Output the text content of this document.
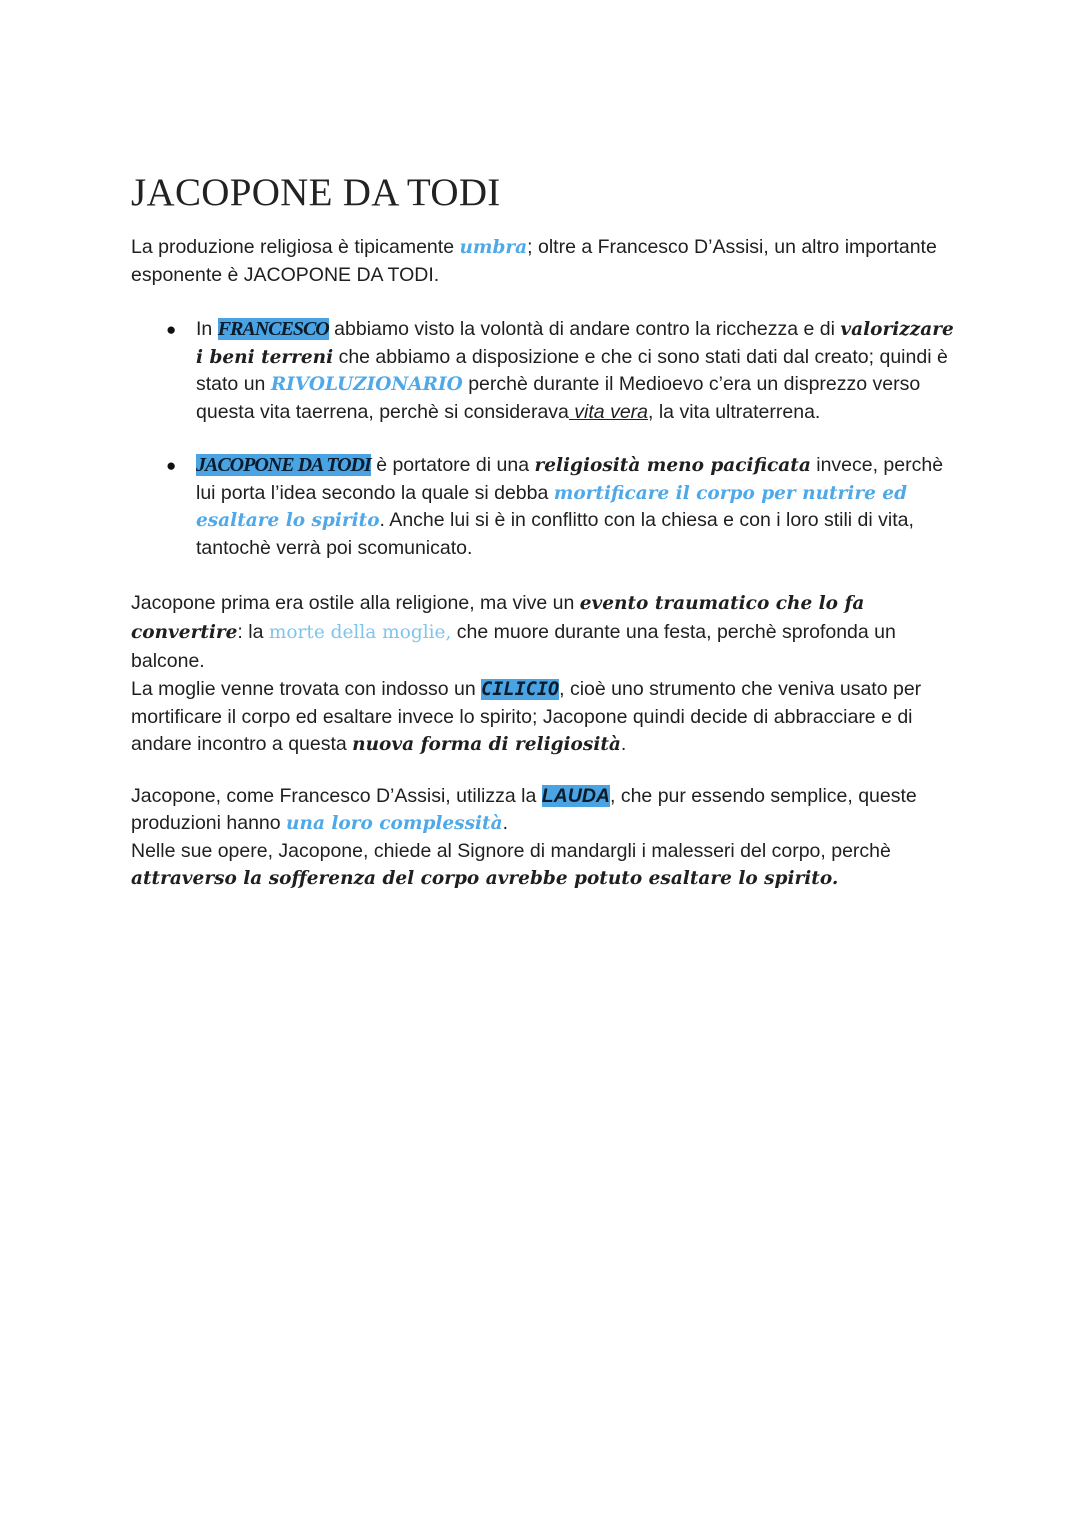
JACOPONE DA TODI

La produzione religiosa è tipicamente umbra; oltre a Francesco D’Assisi, un altro importante esponente è JACOPONE DA TODI.

●	In FRANCESCO abbiamo visto la volontà di andare contro la ricchezza e di valorizzare i beni terreni che abbiamo a disposizione e che ci sono stati dati dal creato; quindi è stato un RIVOLUZIONARIO perchè durante il Medioevo c’era un disprezzo verso questa vita taerrena, perchè si considerava vita vera, la vita ultraterrena.
● JACOPONE DA TODI è portatore di una religiosità meno pacificata invece, perchè lui porta l’idea secondo la quale si debba mortificare il corpo per nutrire ed esaltare lo spirito. Anche lui si è in conflitto con la chiesa e con i loro stili di vita, tantochè verrà poi scomunicato.

Jacopone prima era ostile alla religione, ma vive un evento traumatico che lo fa convertire: la morte della moglie, che muore durante una festa, perchè sprofonda un balcone.

La moglie venne trovata con indosso un CILICIO, cioè uno strumento che veniva usato per mortificare il corpo ed esaltare invece lo spirito; Jacopone quindi decide di abbracciare e di andare incontro a questa nuova forma di religiosità.

Jacopone, come Francesco D’Assisi, utilizza la LAUDA, che pur essendo semplice, queste produzioni hanno una loro complessità.

Nelle sue opere, Jacopone, chiede al Signore di mandargli i malesseri del corpo, perchè attraverso la sofferenza del corpo avrebbe potuto esaltare lo spirito.
